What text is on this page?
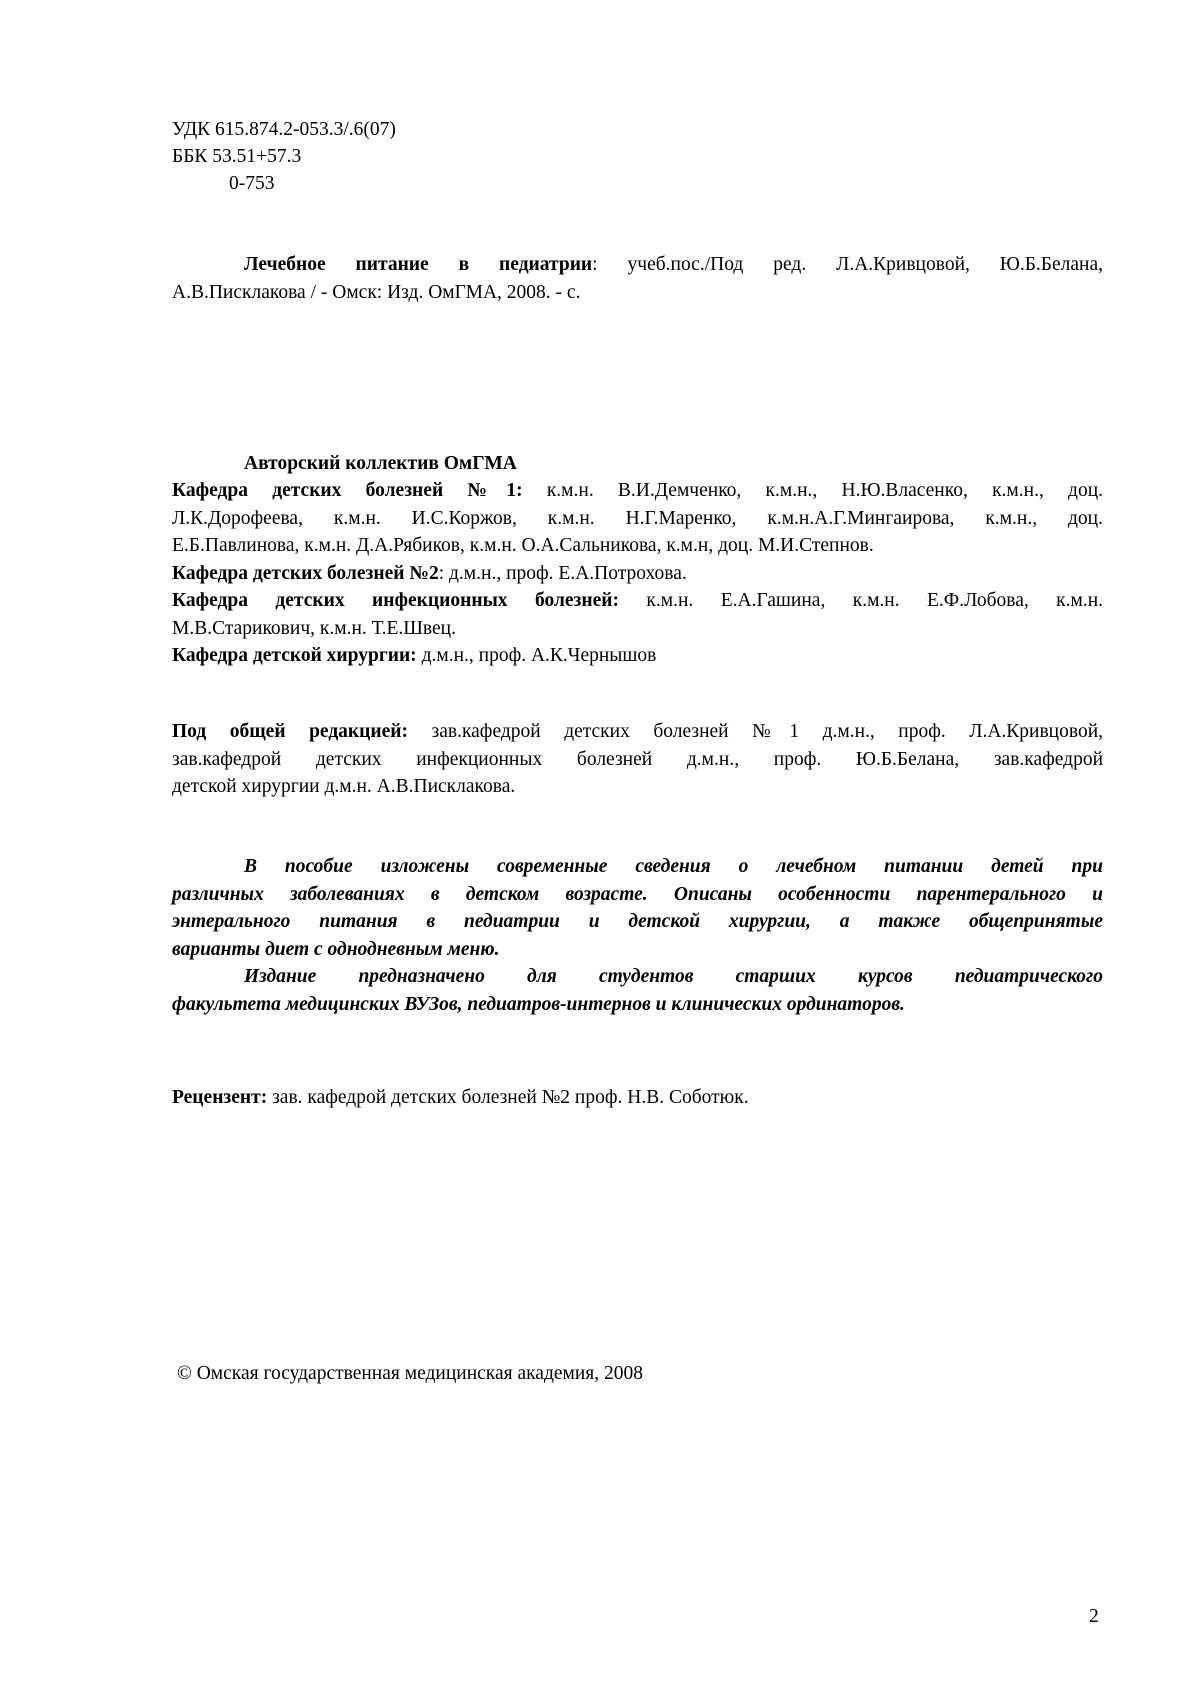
УДК 615.874.2-053.3/.6(07)
ББК 53.51+57.3
0-753

Лечебное питание в педиатрии: учеб.пос./Под ред. Л.А.Кривцовой, Ю.Б.Белана,

А.В.Писклакова / - Омск: Изд. ОмГМА, 2008. - с.

Авторский коллектив ОмГМА

Кафедра детских болезней №1: к.м.н. В.И.Демченко, к.м.н., Н.Ю.Власенко, к.м.н., доц.

Л.К.Дорофеева, к.м.н. И.С.Коржов, к.м.н. Н.Г.Маренко, к.м.н.А.Г.Мингаирова, к.м.н., доц.

Е.Б.Павлинова, к.м.н. Д.А.Рябиков, к.м.н. О.А.Сальникова, к.м.н, доц. М.И.Степнов.

Кафедра детских болезней №2: д.м.н., проф. Е.А.Потрохова.

Кафедра детских инфекционных болезней: к.м.н. Е.А.Гашина, к.м.н. Е.Ф.Лобова, к.м.н.

М.В.Старикович, к.м.н. Т.Е.Швец.

Кафедра детской хирургии: д.м.н., проф. А.К.Чернышов

Под общей редакцией: зав.кафедрой детских болезней №1 д.м.н., проф. Л.А.Кривцовой,

зав.кафедрой детских инфекционных болезней д.м.н., проф. Ю.Б.Белана, зав.кафедрой

детской хирургии д.м.н. А.В.Писклакова.

В пособие изложены современные сведения о лечебном питании детей при

различных заболеваниях в детском возрасте. Описаны особенности парентерального и

энтерального питания в педиатрии и детской хирургии, а также общепринятые

варианты диет с однодневным меню.

Издание предназначено для студентов старших курсов педиатрического

факультета медицинских ВУЗов, педиатров-интернов и клинических ординаторов.

Рецензент: зав. кафедрой детских болезней №2 проф. Н.В. Соботюк.
© Омская государственная медицинская академия, 2008
2
